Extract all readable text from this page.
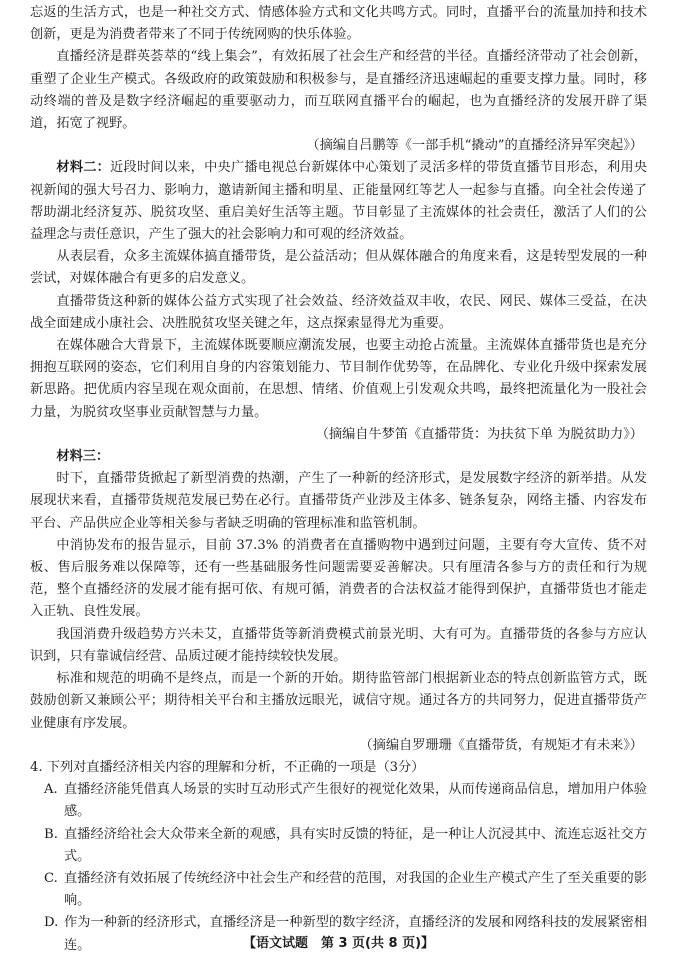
忘返的生活方式，也是一种社交方式、情感体验方式和文化共鸣方式。同时，直播平台的流量加持和技术创新，更是为消费者带来了不同于传统网购的快乐体验。

直播经济是群英荟萃的“线上集会”，有效拓展了社会生产和经营的半径。直播经济带动了社会创新，重塑了企业生产模式。各级政府的政策鼓励和积极参与，是直播经济迅速崛起的重要支撑力量。同时，移动终端的普及是数字经济崛起的重要驱动力，而互联网直播平台的崛起，也为直播经济的发展开辟了渠道，拓宽了视野。

（摘编自吕鹏等《一部手机“撬动”的直播经济异军突起》）

材料二：近段时间以来，中央广播电视总台新媒体中心策划了灵活多样的带货直播节目形态，利用央视新闻的强大号召力、影响力，邀请新闻主播和明星、正能量网红等艺人一起参与直播。向全社会传递了帮助湖北经济复苏、脱贫攻坚、重启美好生活等主题。节目彰显了主流媒体的社会责任，激活了人们的公益理念与责任意识，产生了强大的社会影响力和可观的经济效益。

从表层看，众多主流媒体搞直播带货，是公益活动；但从媒体融合的角度来看，这是转型发展的一种尝试，对媒体融合有更多的启发意义。

直播带货这种新的媒体公益方式实现了社会效益、经济效益双丰收，农民、网民、媒体三受益，在决战全面建成小康社会、决胜脱贫攻坚关键之年，这点探索显得尤为重要。

在媒体融合大背景下，主流媒体既要顺应潮流发展，也要主动抢占流量。主流媒体直播带货也是充分拥抱互联网的姿态，它们利用自身的内容策划能力、节目制作优势等，在品牌化、专业化升级中探索发展新思路。把优质内容呈现在观众面前，在思想、情绪、价值观上引发观众共鸣，最终把流量化为一股社会力量，为脱贫攻坚事业贡献智慧与力量。

（摘编自牛梦笛《直播带货：为扶贫下单 为脱贫助力》）

材料三：

时下，直播带货掀起了新型消费的热潮，产生了一种新的经济形式，是发展数字经济的新举措。从发展现状来看，直播带货规范发展已势在必行。直播带货产业涉及主体多、链条复杂，网络主播、内容发布平台、产品供应企业等相关参与者缺乏明确的管理标准和监管机制。

中消协发布的报告显示，目前 37.3% 的消费者在直播购物中遇到过问题，主要有夸大宣传、货不对板、售后服务难以保障等，还有一些基础服务性问题需要妥善解决。只有厘清各参与方的责任和行为规范，整个直播经济的发展才能有据可依、有规可循，消费者的合法权益才能得到保护，直播带货也才能走入正轨、良性发展。

我国消费升级趋势方兴未艾，直播带货等新消费模式前景光明、大有可为。直播带货的各参与方应认识到，只有靠诚信经营、品质过硬才能持续较快发展。

标准和规范的明确不是终点，而是一个新的开始。期待监管部门根据新业态的特点创新监管方式，既鼓励创新又兼顾公平；期待相关平台和主播放远眼光，诚信守规。通过各方的共同努力，促进直播带货产业健康有序发展。

（摘编自罗珊珊《直播带货，有规矩才有未来》）

4. 下列对直播经济相关内容的理解和分析，不正确的一项是（3分）

A. 直播经济能凭借真人场景的实时互动形式产生很好的视觉化效果，从而传递商品信息，增加用户体验感。
B. 直播经济给社会大众带来全新的观感，具有实时反馈的特征，是一种让人沉浸其中、流连忘返社交方式。
C. 直播经济有效拓展了传统经济中社会生产和经营的范围，对我国的企业生产模式产生了至关重要的影响。
D. 作为一种新的经济形式，直播经济是一种新型的数字经济，直播经济的发展和网络科技的发展紧密相连。	【语文试题　第 3 页(共 8 页)】
